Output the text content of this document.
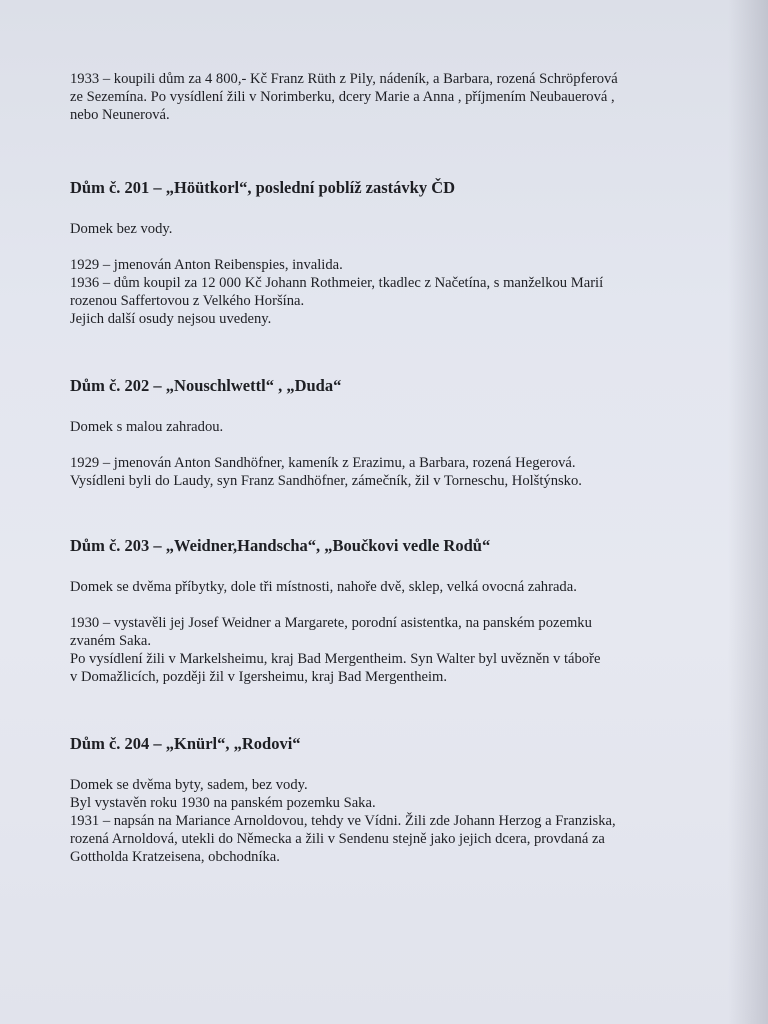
1933 – koupili dům za 4 800,- Kč Franz Rüth z Pily, nádeník, a Barbara, rozená Schröpferová

ze Sezemína. Po vysídlení žili v Norimberku, dcery Marie a Anna , příjmením Neubauerová ,

nebo Neunerová.

Dům č. 201 – „Höütkorl“, poslední poblíž zastávky ČD

Domek bez vody.

1929 – jmenován Anton Reibenspies, invalida.

1936 – dům koupil za 12 000 Kč Johann Rothmeier, tkadlec z Načetína, s manželkou Marií

rozenou Saffertovou z Velkého Horšína.

Jejich další osudy nejsou uvedeny.

Dům č. 202 – „Nouschlwettl“ , „Duda“

Domek s malou zahradou.

1929 – jmenován Anton Sandhöfner, kameník z Erazimu, a Barbara, rozená Hegerová.

Vysídleni byli do Laudy, syn Franz Sandhöfner, zámečník, žil v Torneschu, Holštýnsko.

Dům č. 203 – „Weidner,Handscha“, „Boučkovi vedle Rodů“

Domek se dvěma příbytky, dole tři místnosti, nahoře dvě, sklep, velká ovocná zahrada.

1930 – vystavěli jej Josef Weidner a Margarete, porodní asistentka, na panském pozemku

zvaném Saka.

Po vysídlení žili v Markelsheimu, kraj Bad Mergentheim. Syn Walter byl uvězněn v táboře

v Domažlicích, později žil v Igersheimu, kraj Bad Mergentheim.

Dům č. 204 – „Knürl“, „Rodovi“

Domek se dvěma byty, sadem, bez vody.

Byl vystavěn roku 1930 na panském pozemku Saka.

1931 – napsán na Mariance Arnoldovou, tehdy ve Vídni. Žili zde Johann Herzog a Franziska,

rozená Arnoldová, utekli do Německa a žili v Sendenu stejně jako jejich dcera, provdaná za

Gottholda Kratzeisena, obchodníka.
